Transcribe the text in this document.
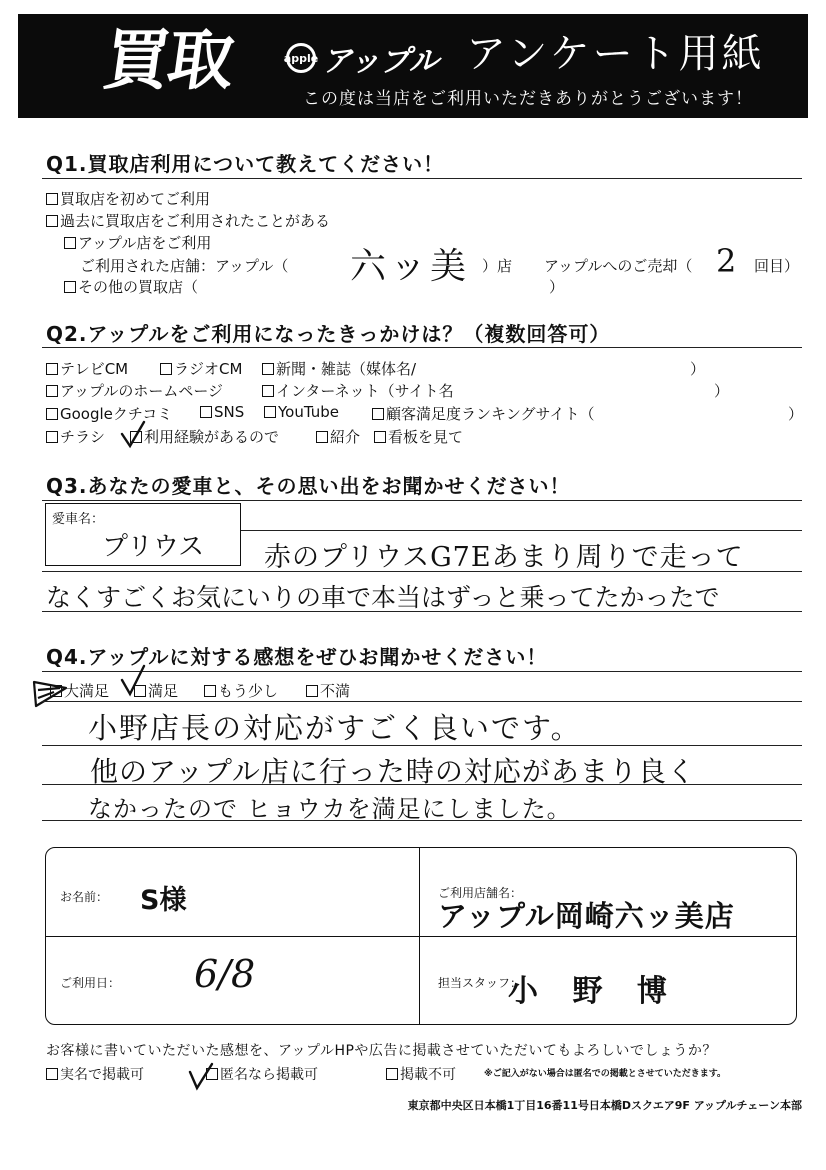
買取	apple アップル アンケート用紙
この度は当店をご利用いただきありがとうございます！
Q1.買取店利用について教えてください！
買取店を初めてご利用
過去に買取店をご利用されたことがある
アップル店をご利用
ご利用された店舗：アップル（ 六ッ美 ）店 アップルへのご売却（ 2 回目）
その他の買取店（	）
Q2.アップルをご利用になったきっかけは？（複数回答可）
テレビCM	ラジオCM	新聞・雑誌（媒体名/	）
アップルのホームページ	インターネット（サイト名	）
Googleクチコミ	SNS	YouTube	顧客満足度ランキングサイト（	）
チラシ	利用経験があるので	紹介	看板を見て
Q3.あなたの愛車と、その思い出をお聞かせください！
愛車名：
プリウス 赤のプリウスG7Eあまり周りで走って
なくすごくお気にいりの車で本当はずっと乗ってたかったで
Q4.アップルに対する感想をぜひお聞かせください！
大満足	満足	もう少し	不満
小野店長の対応がすごく良いです。
他のアップル店に行った時の対応があまり良く
なかったので ヒョウカを満足にしました。
お名前： S様	ご利用店舗名：
アップル岡崎六ッ美店
ご利用日： 6/8	担当スタッフ：
小 野 博
お客様に書いていただいた感想を、アップルHPや広告に掲載させていただいてもよろしいでしょうか？
実名で掲載可	匿名なら掲載可	掲載不可	※ご記入がない場合は匿名での掲載とさせていただきます。
東京都中央区日本橋1丁目16番11号日本橋Dスクエア9F アップルチェーン本部
